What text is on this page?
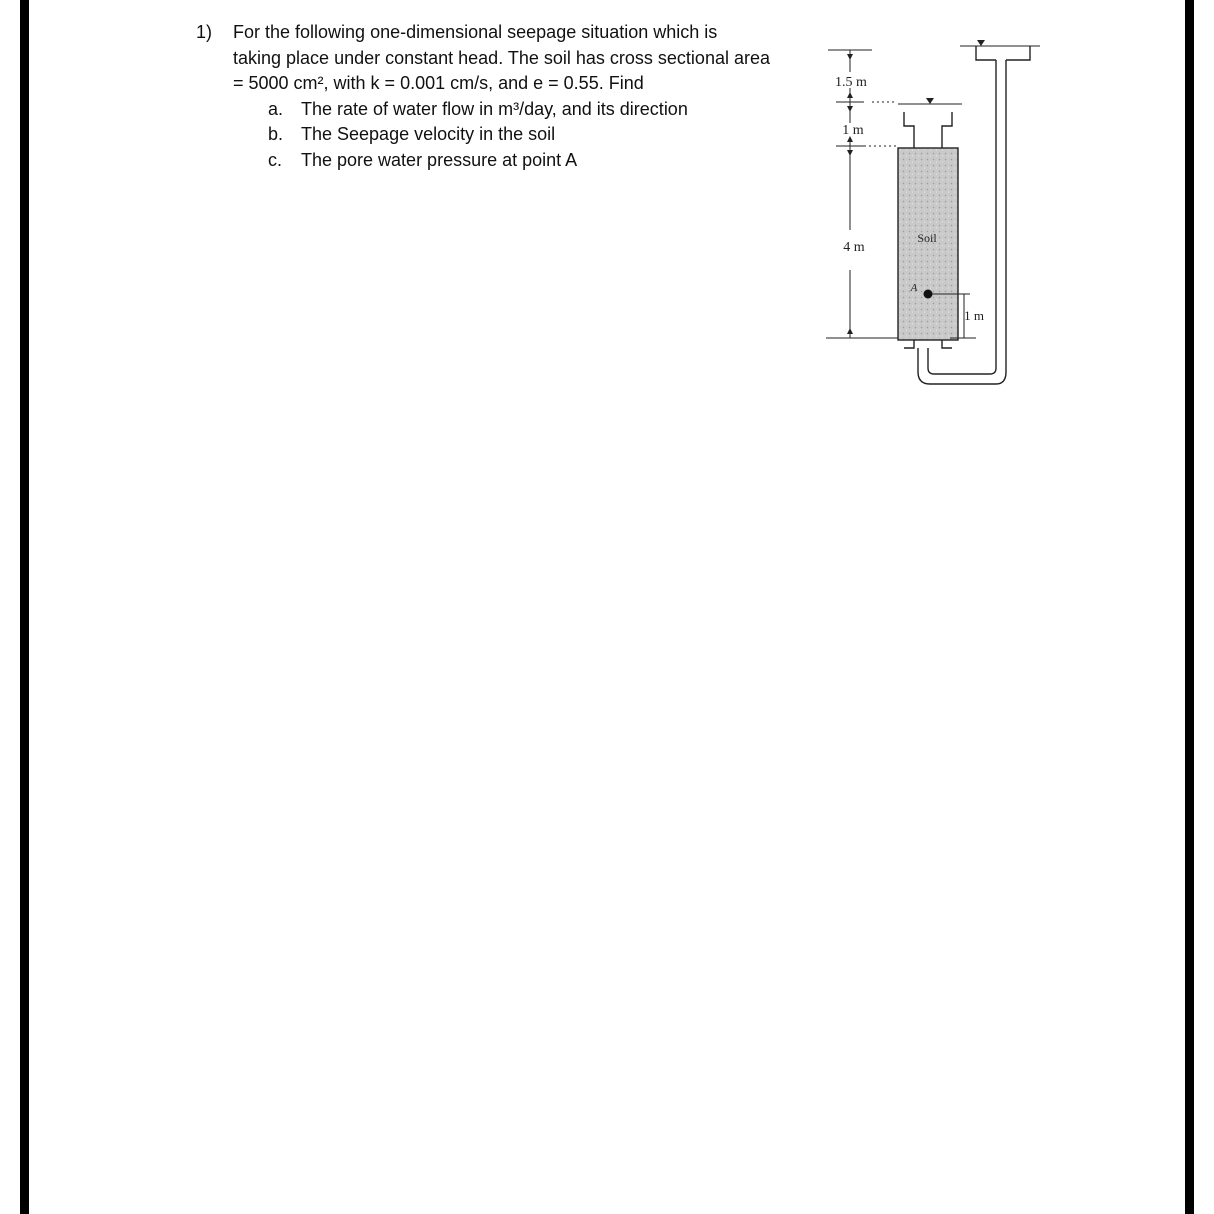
1)	For the following one-dimensional seepage situation which is
taking place under constant head. The soil has cross sectional area
= 5000 cm², with k = 0.001 cm/s, and e = 0.55. Find
a. The rate of water flow in m³/day, and its direction
b. The Seepage velocity in the soil
c.	The pore water pressure at point A
1.5 m
1 m
4 m
Soil
A
1 m
